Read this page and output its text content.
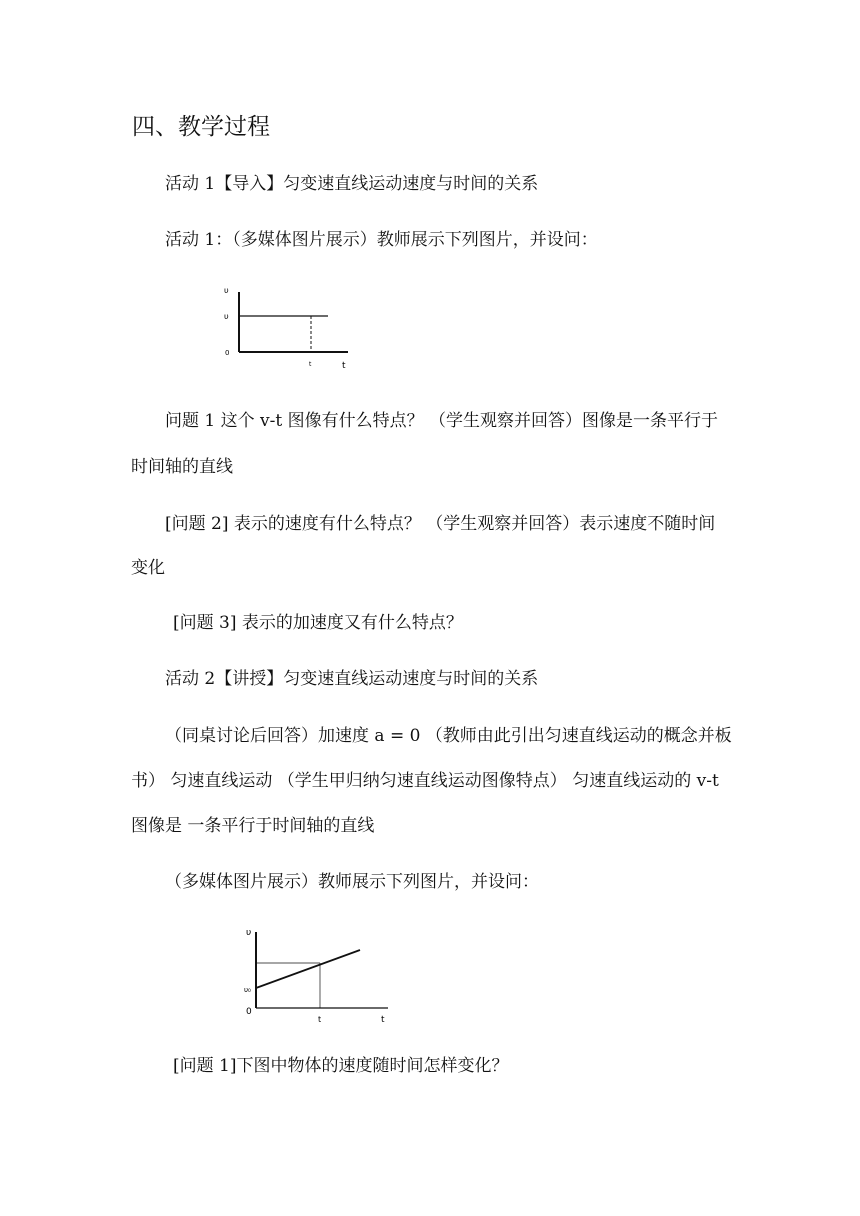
四、教学过程
活动 1【导入】匀变速直线运动速度与时间的关系
活动 1：（多媒体图片展示）教师展示下列图片，并设问：
υ
υ
0
t	t
问题 1 这个 v-t 图像有什么特点？ （学生观察并回答）图像是一条平行于
时间轴的直线
[问题 2] 表示的速度有什么特点？ （学生观察并回答）表示速度不随时间
变化
[问题 3] 表示的加速度又有什么特点？
活动 2【讲授】匀变速直线运动速度与时间的关系
（同桌讨论后回答）加速度 a = 0 （教师由此引出匀速直线运动的概念并板
书） 匀速直线运动 （学生甲归纳匀速直线运动图像特点） 匀速直线运动的 v-t
图像是 一条平行于时间轴的直线
（多媒体图片展示）教师展示下列图片，并设问：
υ
υ₀
0
t	t
[问题 1]下图中物体的速度随时间怎样变化？
